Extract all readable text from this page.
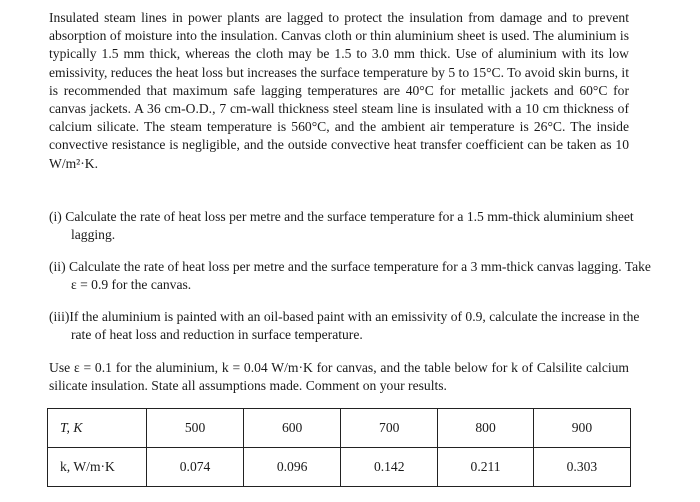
Insulated steam lines in power plants are lagged to protect the insulation from damage and to prevent absorption of moisture into the insulation. Canvas cloth or thin aluminium sheet is used. The aluminium is typically 1.5 mm thick, whereas the cloth may be 1.5 to 3.0 mm thick. Use of aluminium with its low emissivity, reduces the heat loss but increases the surface temperature by 5 to 15°C. To avoid skin burns, it is recommended that maximum safe lagging temperatures are 40°C for metallic jackets and 60°C for canvas jackets. A 36 cm-O.D., 7 cm-wall thickness steel steam line is insulated with a 10 cm thickness of calcium silicate. The steam temperature is 560°C, and the ambient air temperature is 26°C. The inside convective resistance is negligible, and the outside convective heat transfer coefficient can be taken as 10 W/m²·K.

(i) Calculate the rate of heat loss per metre and the surface temperature for a 1.5 mm-thick aluminium sheet lagging.

(ii) Calculate the rate of heat loss per metre and the surface temperature for a 3 mm-thick canvas lagging. Take ε = 0.9 for the canvas.

(iii)If the aluminium is painted with an oil-based paint with an emissivity of 0.9, calculate the increase in the rate of heat loss and reduction in surface temperature.

Use ε = 0.1 for the aluminium, k = 0.04 W/m·K for canvas, and the table below for k of Calsilite calcium silicate insulation. State all assumptions made. Comment on your results.

T, K	500	600	700	800	900
k, W/m·K	0.074	0.096	0.142	0.211	0.303
